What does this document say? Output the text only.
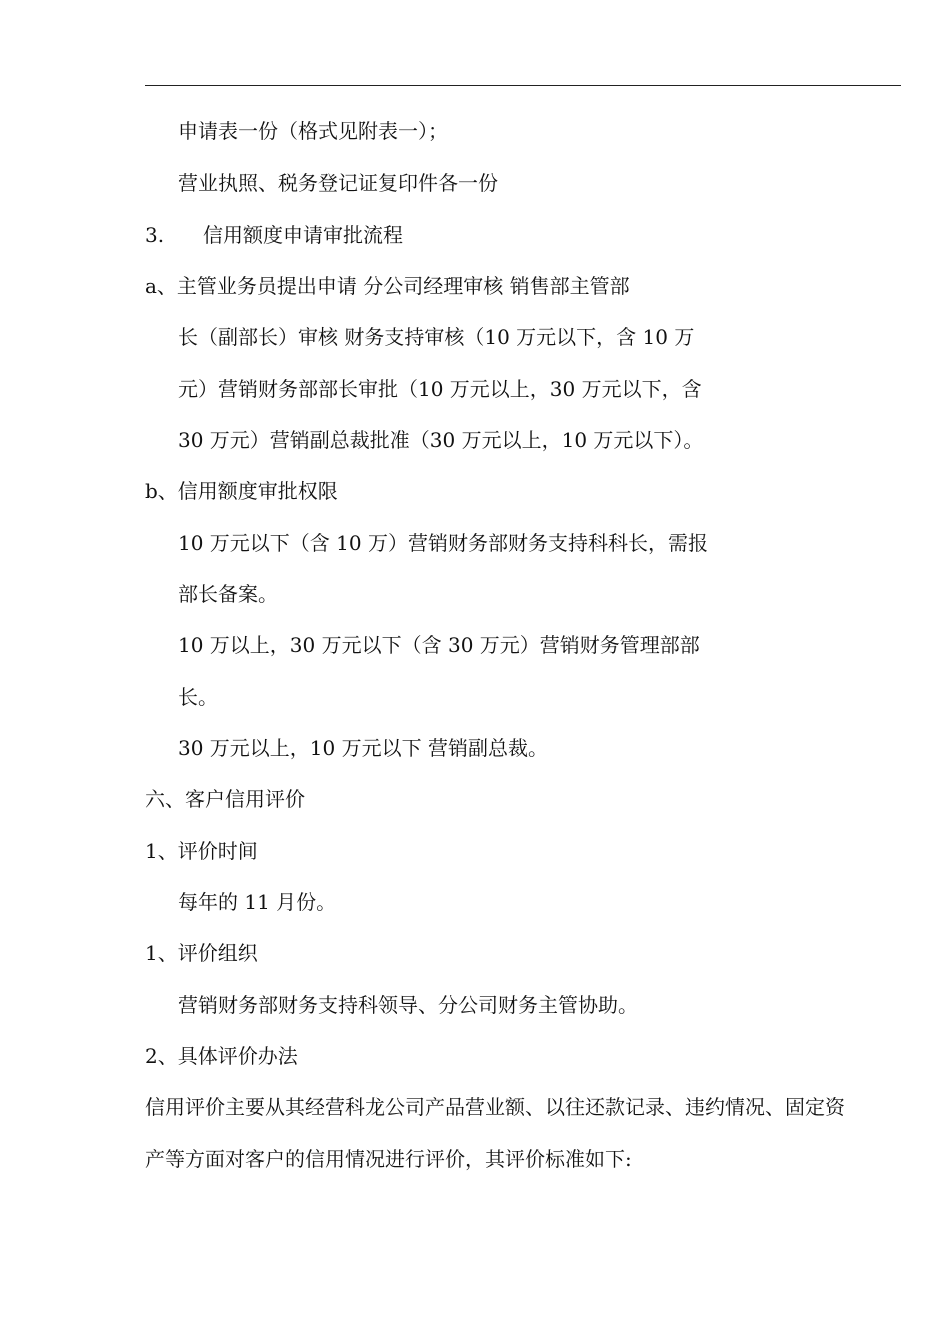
申请表一份（格式见附表一）；
营业执照、税务登记证复印件各一份
3. 信用额度申请审批流程
a、主管业务员提出申请 分公司经理审核 销售部主管部
长（副部长）审核 财务支持审核（10 万元以下，含 10 万
元）营销财务部部长审批（10 万元以上，30 万元以下，含
30 万元）营销副总裁批准（30 万元以上，10 万元以下）。
b、信用额度审批权限
10 万元以下（含 10 万）营销财务部财务支持科科长，需报
部长备案。
10 万以上，30 万元以下（含 30 万元）营销财务管理部部
长。
30 万元以上，10 万元以下 营销副总裁。
六、客户信用评价
1、评价时间
每年的 11 月份。
1、评价组织
营销财务部财务支持科领导、分公司财务主管协助。
2、具体评价办法
信用评价主要从其经营科龙公司产品营业额、以往还款记录、违约情况、固定资
产等方面对客户的信用情况进行评价，其评价标准如下:
